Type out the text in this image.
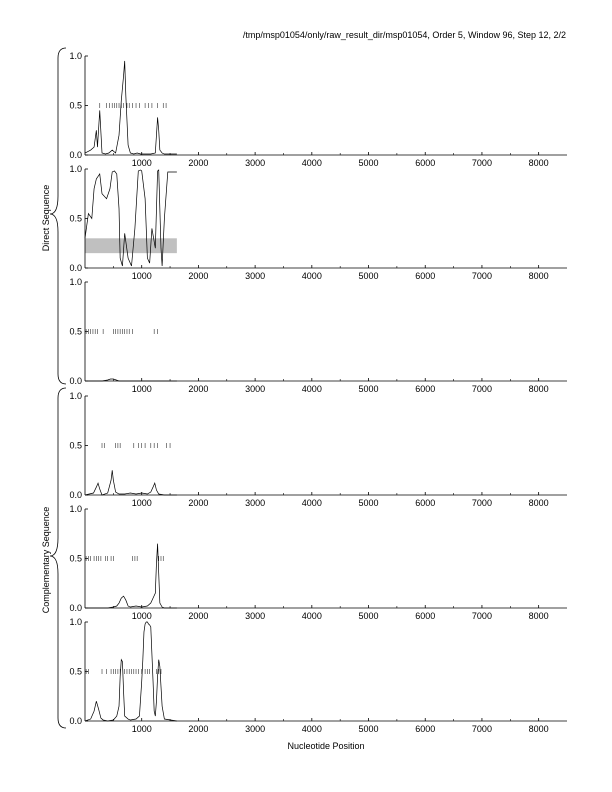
/tmp/msp01054/only/raw_result_dir/msp01054, Order 5, Window 96, Step 12, 2/2
Direct Sequence
Complementary Sequence
0.0
0.5
1.0
1000	2000	3000	4000	5000	6000	7000	8000
0.0
0.5
1.0
1000	2000	3000	4000	5000	6000	7000	8000
0.0
0.5
1.0
1000	2000	3000	4000	5000	6000	7000	8000
0.0
0.5
1.0
1000	2000	3000	4000	5000	6000	7000	8000
0.0
0.5
1.0
1000	2000	3000	4000	5000	6000	7000	8000
0.0
0.5
1.0
1000	2000	3000	4000	5000	6000	7000	8000
Nucleotide Position
